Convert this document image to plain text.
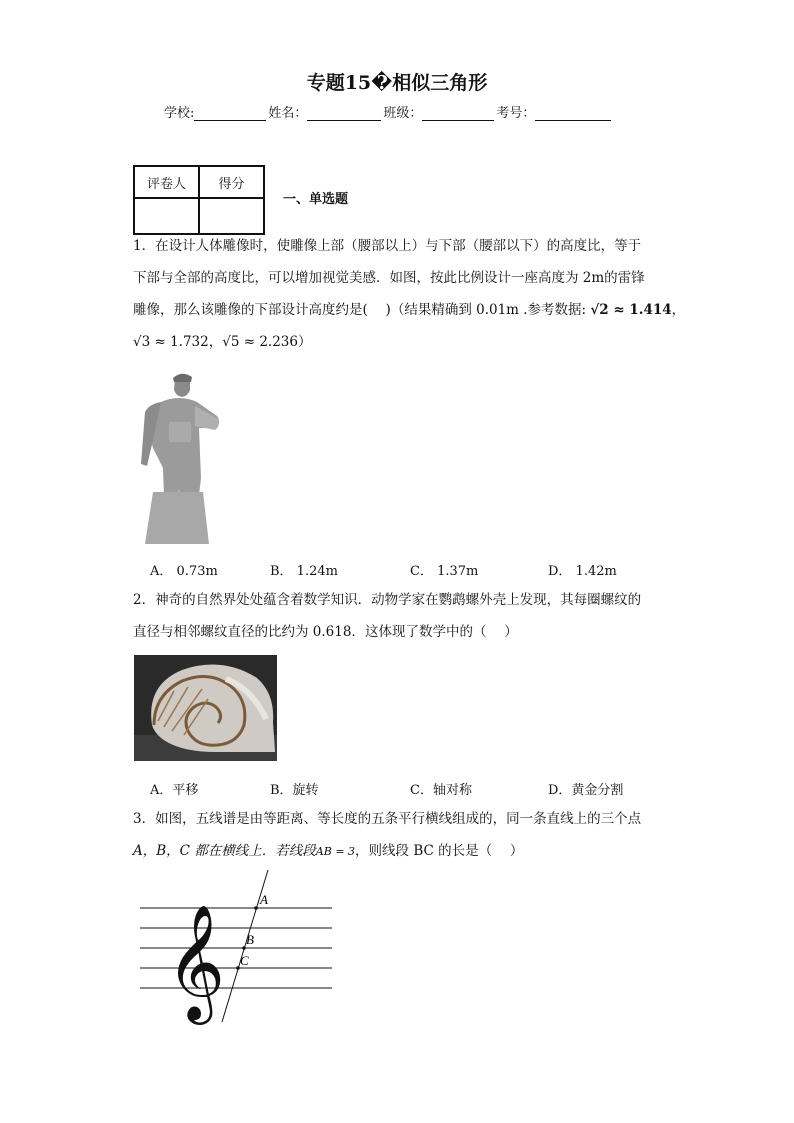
专题15�相似三角形
学校:	姓名：	班级：	考号：
评卷人	得分

一、单选题
1．在设计人体雕像时，使雕像上部（腰部以上）与下部（腰部以下）的高度比，等于
下部与全部的高度比，可以增加视觉美感．如图，按此比例设计一座高度为 2m的雷锋
雕像，那么该雕像的下部设计高度约是(　 )（结果精确到 0.01m .参考数据: √2 ≈ 1.414，
√3 ≈ 1.732，√5 ≈ 2.236）
A． 0.73m	B． 1.24m	C． 1.37m	D． 1.42m
2．神奇的自然界处处蕴含着数学知识．动物学家在鹦鹉螺外壳上发现，其每圈螺纹的
直径与相邻螺纹直径的比约为 0.618．这体现了数学中的（　 ）
A．平移	B．旋转	C．轴对称	D．黄金分割
3．如图，五线谱是由等距离、等长度的五条平行横线组成的，同一条直线上的三个点
A，B，C 都在横线上．若线段AB = 3，则线段 BC 的长是（　 ）
𝄞
A
B
C
